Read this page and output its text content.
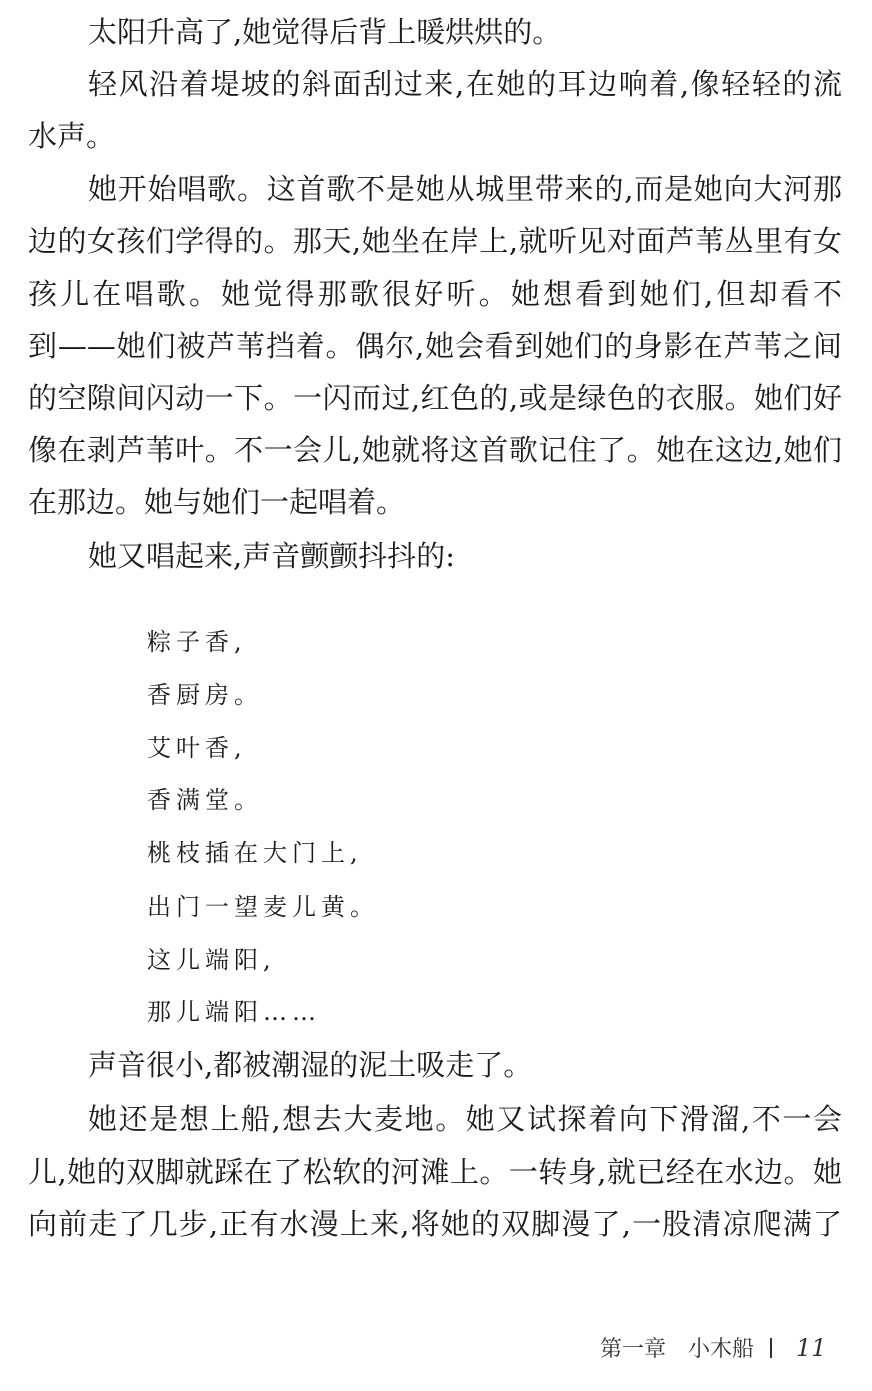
太阳升高了,她觉得后背上暖烘烘的。
轻风沿着堤坡的斜面刮过来,在她的耳边响着,像轻轻的流
水声。
她开始唱歌。这首歌不是她从城里带来的,而是她向大河那
边的女孩们学得的。那天,她坐在岸上,就听见对面芦苇丛里有女
孩儿在唱歌。她觉得那歌很好听。她想看到她们,但却看不
到——她们被芦苇挡着。偶尔,她会看到她们的身影在芦苇之间
的空隙间闪动一下。一闪而过,红色的,或是绿色的衣服。她们好
像在剥芦苇叶。不一会儿,她就将这首歌记住了。她在这边,她们
在那边。她与她们一起唱着。
她又唱起来,声音颤颤抖抖的:
粽子香,
香厨房。
艾叶香,
香满堂。
桃枝插在大门上,
出门一望麦儿黄。
这儿端阳,
那儿端阳……
声音很小,都被潮湿的泥土吸走了。
她还是想上船,想去大麦地。她又试探着向下滑溜,不一会
儿,她的双脚就踩在了松软的河滩上。一转身,就已经在水边。她
向前走了几步,正有水漫上来,将她的双脚漫了,一股清凉爬满了
第一章 小木船 11
